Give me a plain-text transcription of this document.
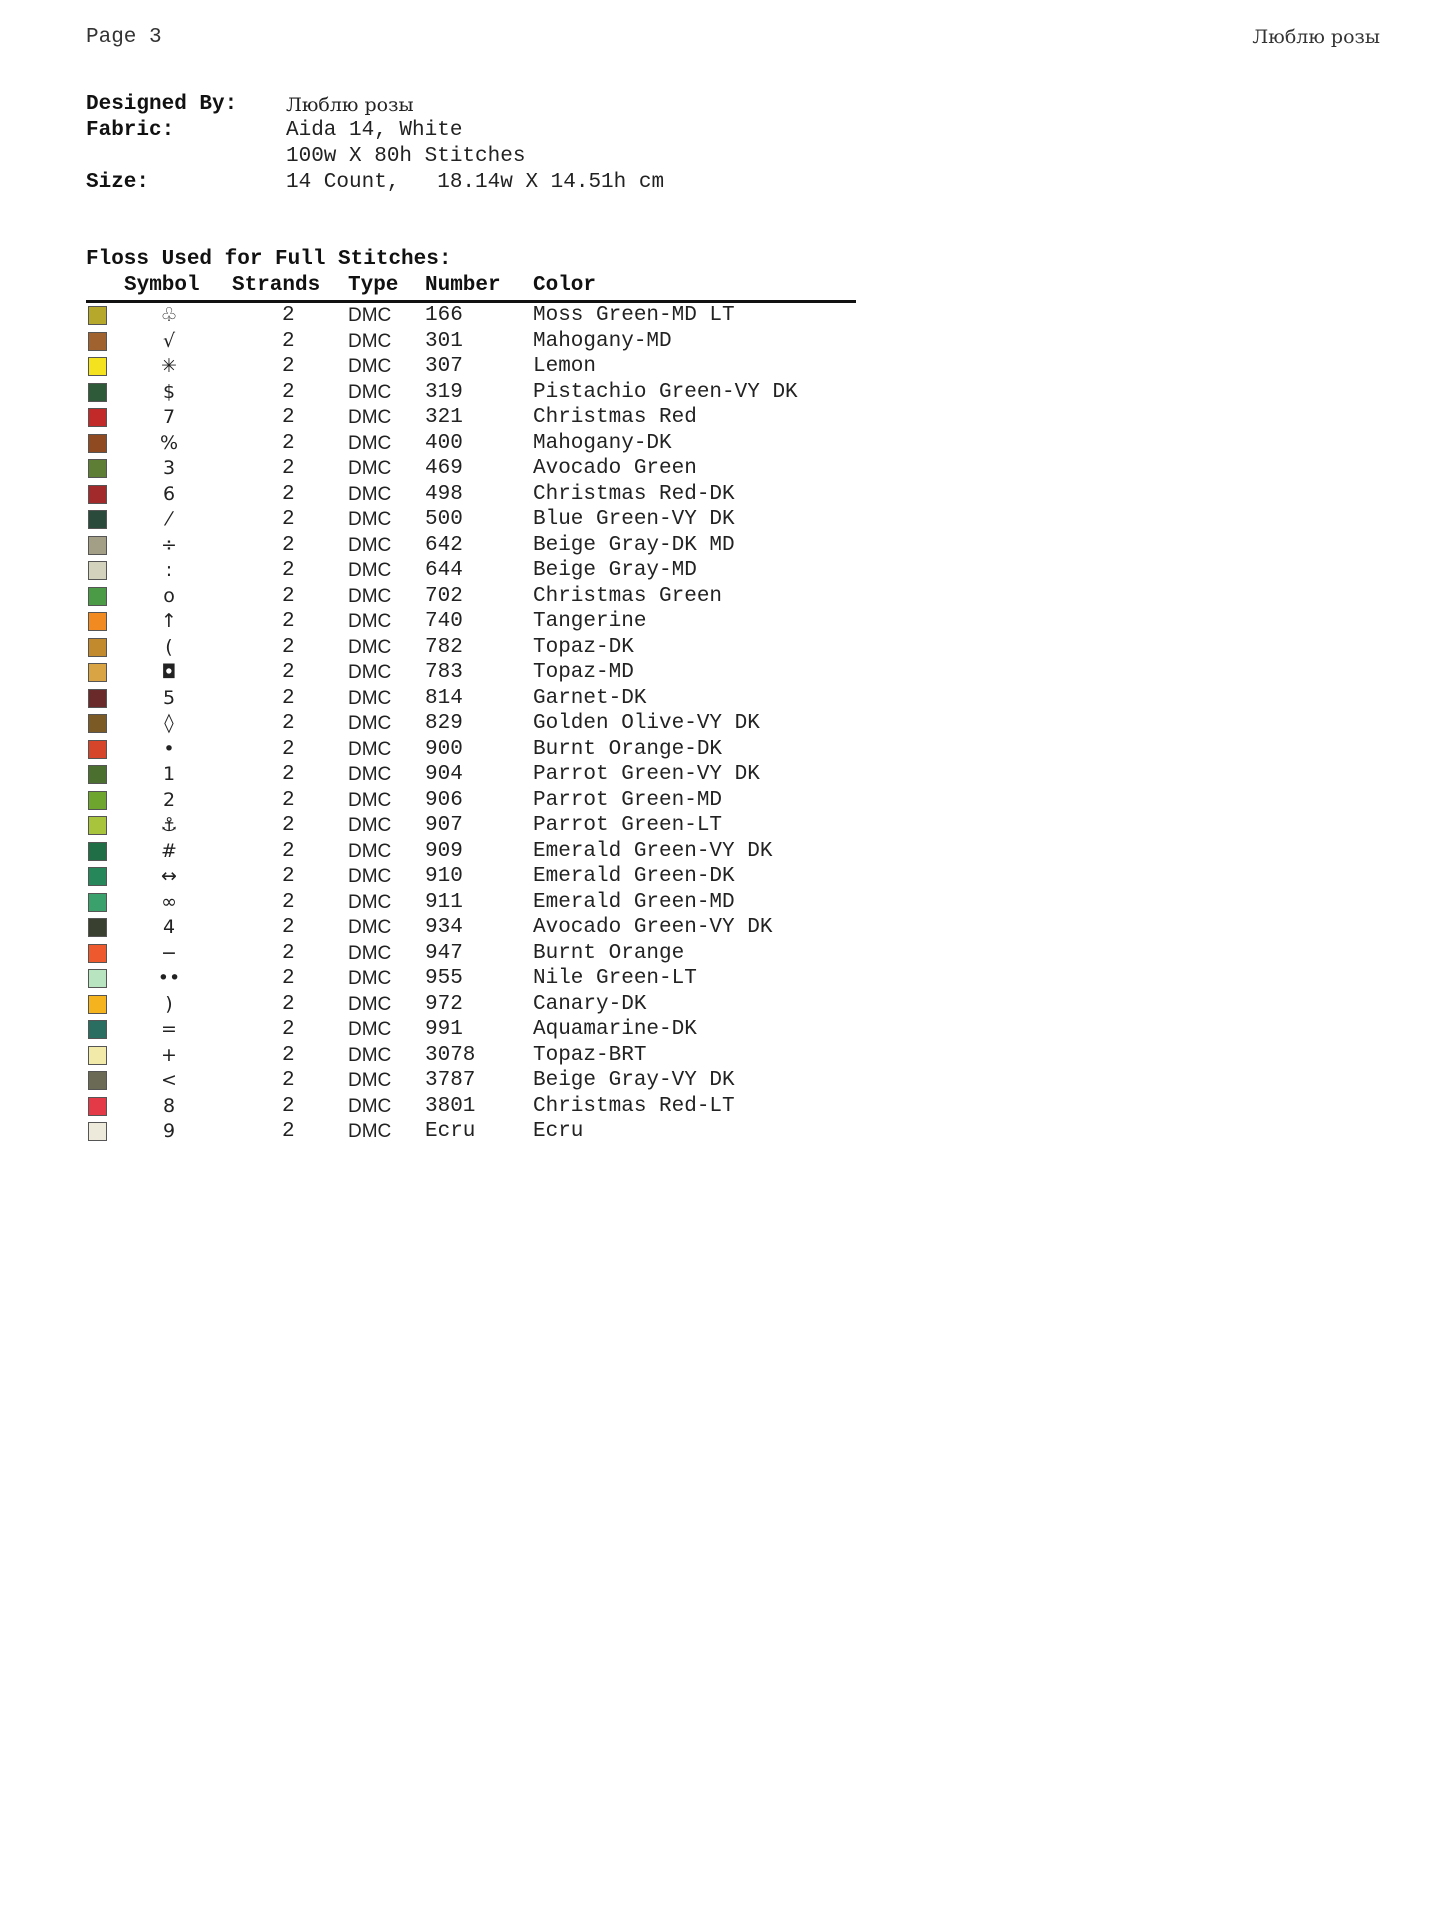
Page 3	Люблю розы
Designed By:	Люблю розы
Fabric:	Aida 14, White
100w X 80h Stitches
Size:	14 Count,   18.14w X 14.51h cm
Floss Used for Full Stitches:
Symbol Strands Type Number Color
♧	2	DMC 166	Moss Green-MD LT
√	2	DMC 301	Mahogany-MD
✳	2	DMC 307	Lemon
$	2	DMC 319	Pistachio Green-VY DK
7	2	DMC 321	Christmas Red
%	2	DMC 400	Mahogany-DK
3	2	DMC 469	Avocado Green
6	2	DMC 498	Christmas Red-DK
⁄	2	DMC 500	Blue Green-VY DK
÷	2	DMC 642	Beige Gray-DK MD
:	2	DMC 644	Beige Gray-MD
o	2	DMC 702	Christmas Green
↑	2	DMC 740	Tangerine
(	2	DMC 782	Topaz-DK
◘	2	DMC 783	Topaz-MD
5	2	DMC 814	Garnet-DK
◊	2	DMC 829	Golden Olive-VY DK
•	2	DMC 900	Burnt Orange-DK
1	2	DMC 904	Parrot Green-VY DK
2	2	DMC 906	Parrot Green-MD
⚓	2	DMC 907	Parrot Green-LT
#	2	DMC 909	Emerald Green-VY DK
↔	2	DMC 910	Emerald Green-DK
∞	2	DMC 911	Emerald Green-MD
4	2	DMC 934	Avocado Green-VY DK
−	2	DMC 947	Burnt Orange
••	2	DMC 955	Nile Green-LT
)	2	DMC 972	Canary-DK
=	2	DMC 991	Aquamarine-DK
+	2	DMC 3078	Topaz-BRT
<	2	DMC 3787	Beige Gray-VY DK
8	2	DMC 3801	Christmas Red-LT
9	2	DMC Ecru	Ecru
